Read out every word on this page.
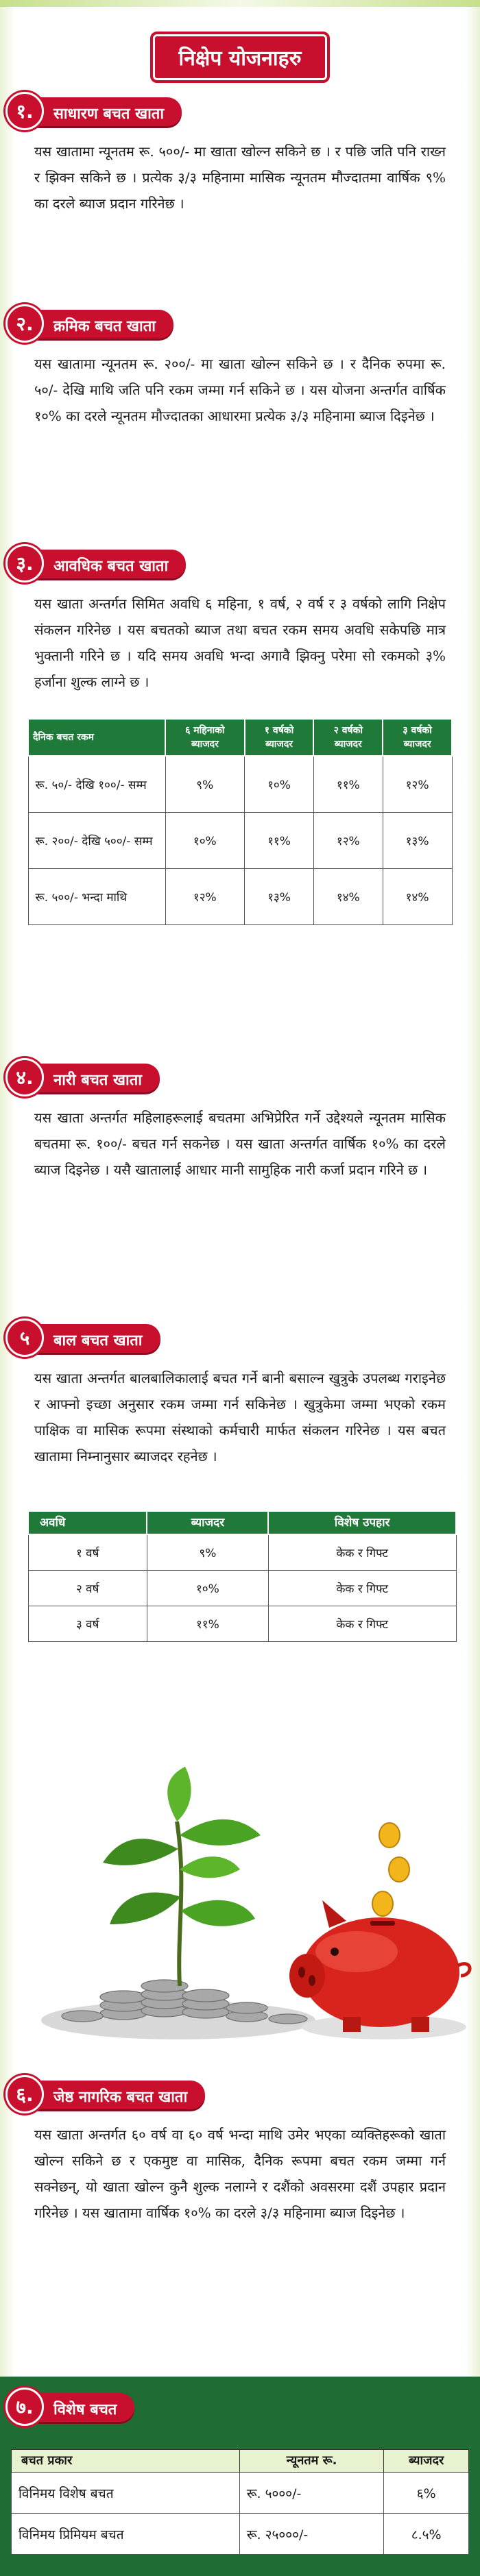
निक्षेप योजनाहरु
१.	साधारण बचत खाता

यस खातामा न्यूनतम रू. ५००/- मा खाता खोल्न सकिने छ । र पछि जति पनि राख्न र झिक्न सकिने छ । प्रत्येक ३/३ महिनामा मासिक न्यूनतम मौज्दातमा वार्षिक ९% का दरले ब्याज प्रदान गरिनेछ ।

२.	क्रमिक बचत खाता

यस खातामा न्यूनतम रू. २००/- मा खाता खोल्न सकिने छ । र दैनिक रुपमा रू. ५०/- देखि माथि जति पनि रकम जम्मा गर्न सकिने छ । यस योजना अन्तर्गत वार्षिक १०% का दरले न्यूनतम मौज्दातका आधारमा प्रत्येक ३/३ महिनामा ब्याज दिइनेछ ।

३.	आवधिक बचत खाता

यस खाता अन्तर्गत सिमित अवधि ६ महिना, १ वर्ष, २ वर्ष र ३ वर्षको लागि निक्षेप संकलन गरिनेछ । यस बचतको ब्याज तथा बचत रकम समय अवधि सकेपछि मात्र भुक्तानी गरिने छ । यदि समय अवधि भन्दा अगावै झिक्नु परेमा सो रकमको ३% हर्जाना शुल्क लाग्ने छ ।

दैनिक बचत रकम	६ महिनाको ब्याजदर	१ वर्षको ब्याजदर	२ वर्षको ब्याजदर	३ वर्षको ब्याजदर
रू. ५०/- देखि १००/- सम्म	९%	१०%	११%	१२%
रू. २००/- देखि ५००/- सम्म	१०%	११%	१२%	१३%
रू. ५००/- भन्दा माथि	१२%	१३%	१४%	१४%
४.	नारी बचत खाता

यस खाता अन्तर्गत महिलाहरूलाई बचतमा अभिप्रेरित गर्ने उद्देश्यले न्यूनतम मासिक बचतमा रू. १००/- बचत गर्न सकनेछ । यस खाता अन्तर्गत वार्षिक १०% का दरले ब्याज दिइनेछ । यसै खातालाई आधार मानी सामुहिक नारी कर्जा प्रदान गरिने छ ।

५	बाल बचत खाता

यस खाता अन्तर्गत बालबालिकालाई बचत गर्ने बानी बसाल्न खुत्रुके उपलब्ध गराइनेछ र आफ्नो इच्छा अनुसार रकम जम्मा गर्न सकिनेछ । खुत्रुकेमा जम्मा भएको रकम पाक्षिक वा मासिक रूपमा संस्थाको कर्मचारी मार्फत संकलन गरिनेछ । यस बचत खातामा निम्नानुसार ब्याजदर रहनेछ ।

अवधि	ब्याजदर	विशेष उपहार
१ वर्ष	९%	केक र गिफ्ट
२ वर्ष	१०%	केक र गिफ्ट
३ वर्ष	११%	केक र गिफ्ट
६.	जेष्ठ नागरिक बचत खाता

यस खाता अन्तर्गत ६० वर्ष वा ६० वर्ष भन्दा माथि उमेर भएका व्यक्तिहरूको खाता खोल्न सकिने छ र एकमुष्ट वा मासिक, दैनिक रूपमा बचत रकम जम्मा गर्न सक्नेछन्, यो खाता खोल्न कुनै शुल्क नलाग्ने र दशैंको अवसरमा दशैं उपहार प्रदान गरिनेछ । यस खातामा वार्षिक १०% का दरले ३/३ महिनामा ब्याज दिइनेछ ।

७.	विशेष बचत
बचत प्रकार	न्यूनतम रू.	ब्याजदर
विनिमय विशेष बचत	रू. ५०००/-	६%
विनिमय प्रिमियम बचत	रू. २५०००/-	८.५%
